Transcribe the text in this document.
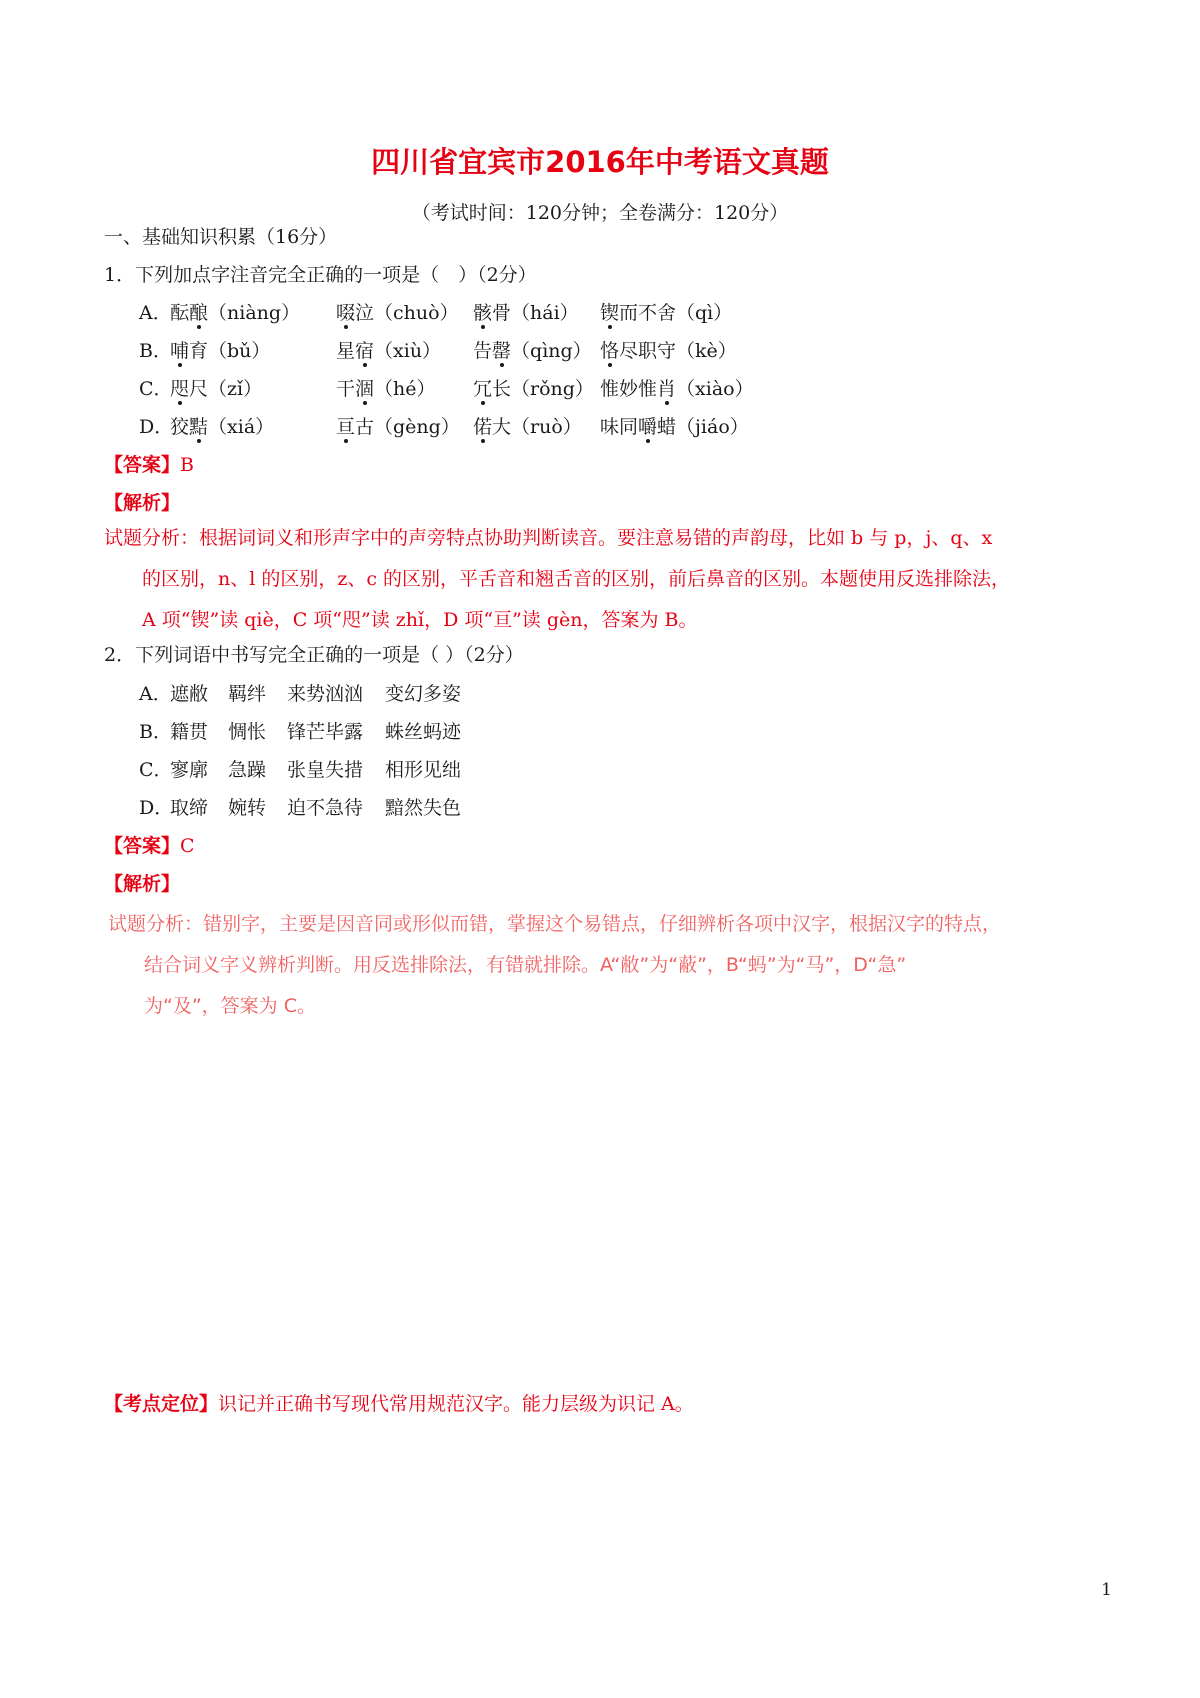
四川省宜宾市2016年中考语文真题
（考试时间：120分钟；全卷满分：120分）
一、基础知识积累（16分）
1．下列加点字注音完全正确的一项是（　）（2分）
A．
酝酿（niàng） 啜泣（chuò） 骸骨（hái） 锲而不舍（qì）
B．
哺育（bǔ）	星宿（xiù） 告罄（qìng） 恪尽职守（kè）
C．
咫尺（zǐ）	干涸（hé） 冗长（rǒng） 惟妙惟肖（xiào）
D．
狡黠（xiá）	亘古（gèng） 偌大（ruò） 味同嚼蜡（jiáo）
【答案】B
【解析】
试题分析：根据词词义和形声字中的声旁特点协助判断读音。要注意易错的声韵母，比如 b 与 p，j、q、x
的区别，n、l 的区别，z、c 的区别，平舌音和翘舌音的区别，前后鼻音的区别。本题使用反选排除法，
A 项“锲”读 qiè，C 项“咫”读 zhǐ，D 项“亘”读 gèn，答案为 B。
2．下列词语中书写完全正确的一项是（ ）（2分）
A．
遮敝 羁绊 来势汹汹 变幻多姿
B．
籍贯 惆怅 锋芒毕露 蛛丝蚂迹
C．
寥廓 急躁 张皇失措 相形见绌
D．
取缔 婉转 迫不急待 黯然失色
【答案】C
【解析】
试题分析：错别字，主要是因音同或形似而错，掌握这个易错点，仔细辨析各项中汉字，根据汉字的特点，
结合词义字义辨析判断。用反选排除法，有错就排除。A“敝”为“蔽”，B“蚂”为“马”，D“急”
为“及”，答案为 C。
【考点定位】识记并正确书写现代常用规范汉字。能力层级为识记 A。
1
